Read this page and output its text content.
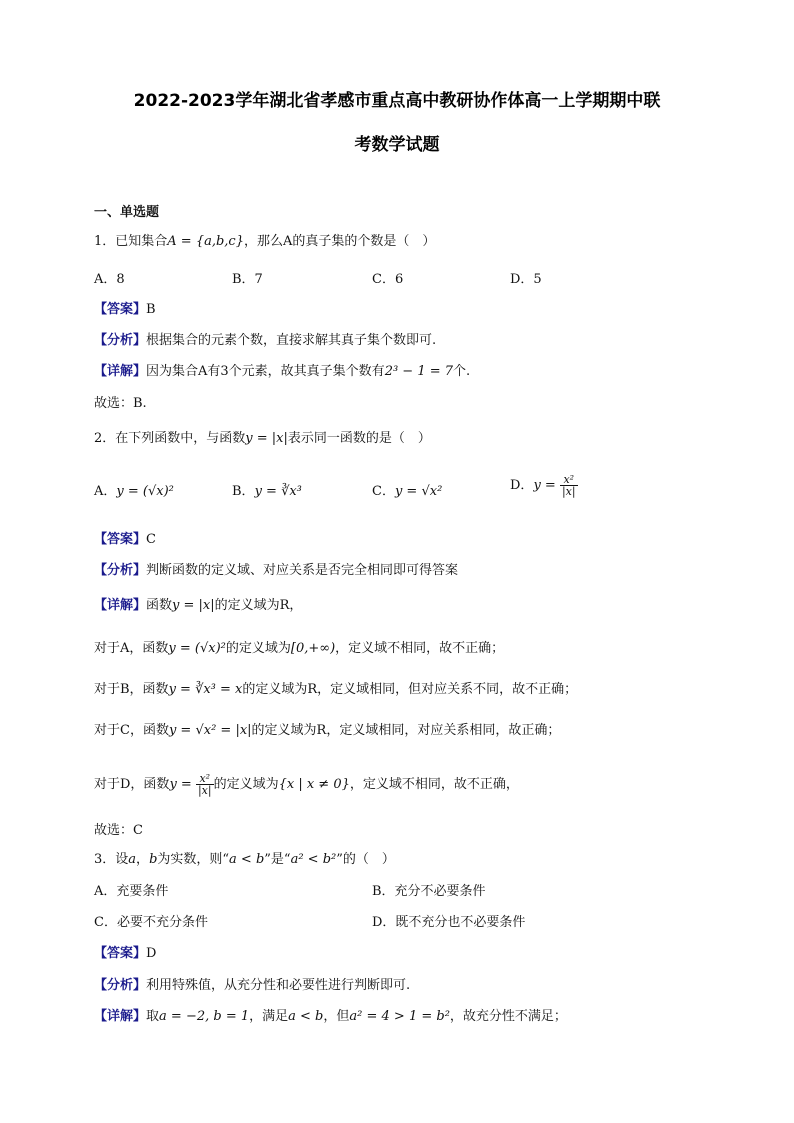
2022-2023学年湖北省孝感市重点高中教研协作体高一上学期期中联
考数学试题
一、单选题
1．已知集合A = {a,b,c}，那么A的真子集的个数是（　）
A．8	B．7	C．6	D．5
【答案】B
【分析】根据集合的元素个数，直接求解其真子集个数即可.
【详解】因为集合A有3个元素，故其真子集个数有2³ − 1 = 7个.
故选：B.
2．在下列函数中，与函数y = |x|表示同一函数的是（　）
A．y = (√x)²	B．y = ∛x³	C．y = √x²	D．$y = \frac{\text{x²}}{|x|}$
【答案】C
【分析】判断函数的定义域、对应关系是否完全相同即可得答案
【详解】函数y = |x|的定义域为R，
对于A，函数y = (√x)²的定义域为[0,+∞)，定义域不相同，故不正确；
对于B，函数y = ∛x³ = x的定义域为R，定义域相同，但对应关系不同，故不正确；
对于C，函数y = √x² = |x|的定义域为R，定义域相同，对应关系相同，故正确；
对于D，函数$y = \frac{\text{x²}}{|x|}$ 的定义域为{x | x ≠ 0}，定义域不相同，故不正确，
故选：C
3．设a，b为实数，则“a < b”是“a² < b²”的（　）
A．充要条件	B．充分不必要条件
C．必要不充分条件	D．既不充分也不必要条件
【答案】D
【分析】利用特殊值，从充分性和必要性进行判断即可.
【详解】取a = −2, b = 1，满足a < b，但a² = 4 > 1 = b²，故充分性不满足；
